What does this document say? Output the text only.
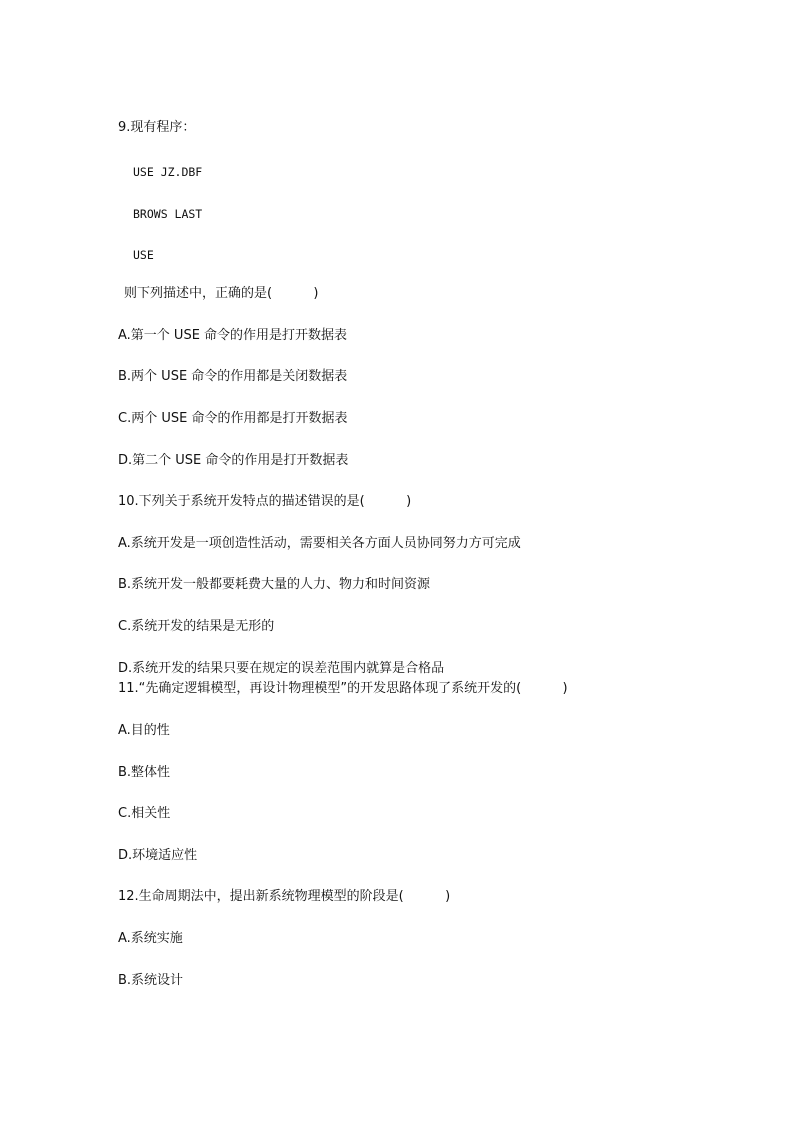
9.现有程序：
USE JZ.DBF
BROWS LAST
USE
则下列描述中，正确的是(          )
A.第一个 USE 命令的作用是打开数据表
B.两个 USE 命令的作用都是关闭数据表
C.两个 USE 命令的作用都是打开数据表
D.第二个 USE 命令的作用是打开数据表
10.下列关于系统开发特点的描述错误的是(          )
A.系统开发是一项创造性活动，需要相关各方面人员协同努力方可完成
B.系统开发一般都要耗费大量的人力、物力和时间资源
C.系统开发的结果是无形的
D.系统开发的结果只要在规定的误差范围内就算是合格品
11.“先确定逻辑模型，再设计物理模型”的开发思路体现了系统开发的(          )
A.目的性
B.整体性
C.相关性
D.环境适应性
12.生命周期法中，提出新系统物理模型的阶段是(          )
A.系统实施
B.系统设计
